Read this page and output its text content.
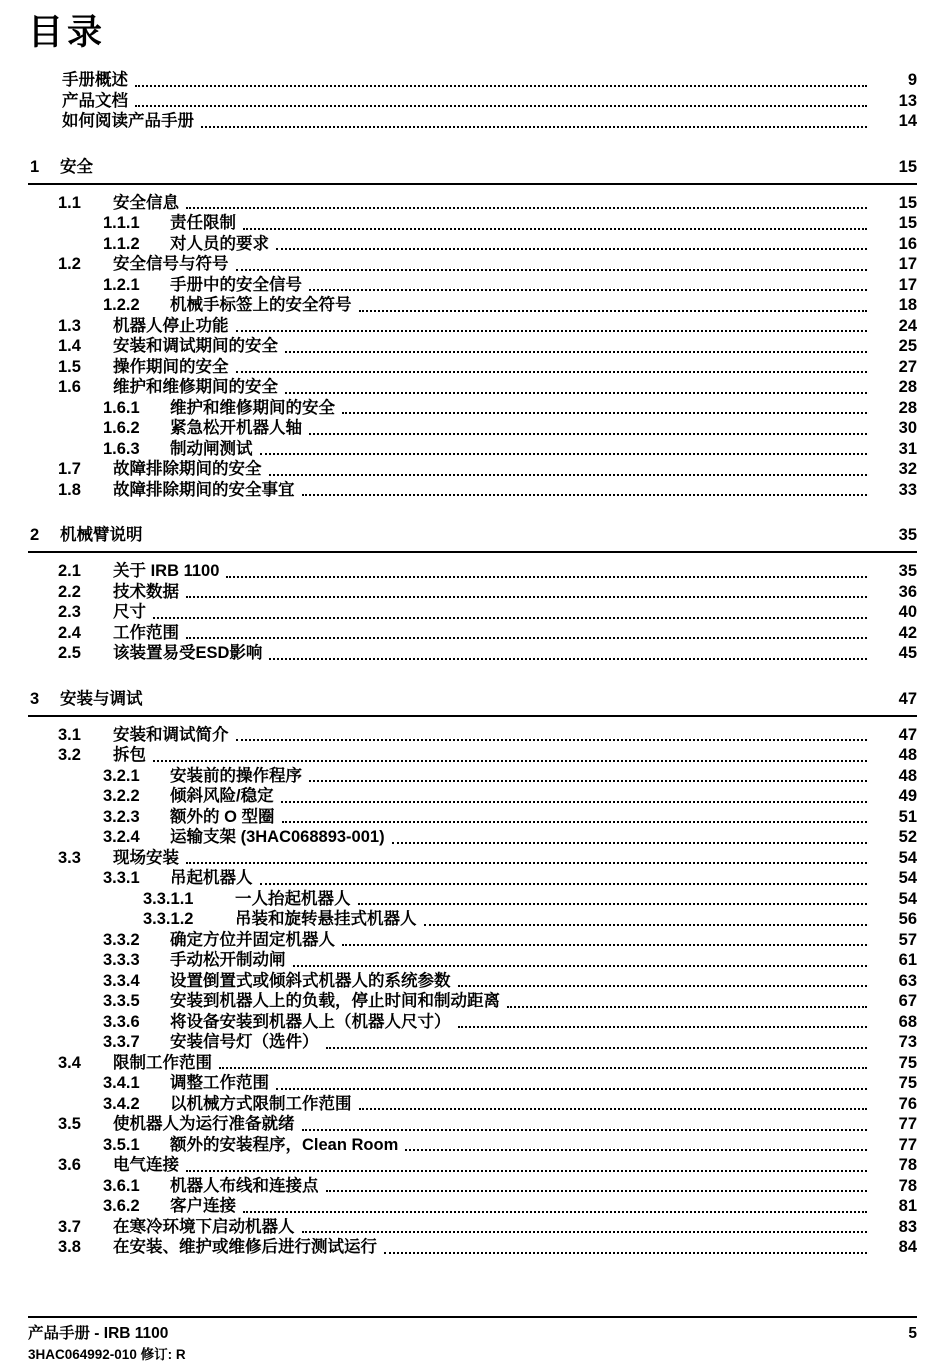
目录
手册概述	9
产品文档	13
如何阅读产品手册	14
1	安全	15
1.1	安全信息	15
1.1.1	责任限制	15
1.1.2	对人员的要求	16
1.2	安全信号与符号	17
1.2.1	手册中的安全信号	17
1.2.2	机械手标签上的安全符号	18
1.3	机器人停止功能	24
1.4	安装和调试期间的安全	25
1.5	操作期间的安全	27
1.6	维护和维修期间的安全	28
1.6.1	维护和维修期间的安全	28
1.6.2	紧急松开机器人轴	30
1.6.3	制动闸测试	31
1.7	故障排除期间的安全	32
1.8	故障排除期间的安全事宜	33
2	机械臂说明	35
2.1	关于 IRB 1100	35
2.2	技术数据	36
2.3	尺寸	40
2.4	工作范围	42
2.5	该装置易受ESD影响	45
3	安装与调试	47
3.1	安装和调试简介	47
3.2	拆包	48
3.2.1	安装前的操作程序	48
3.2.2	倾斜风险/稳定	49
3.2.3	额外的 O 型圈	51
3.2.4	运输支架 (3HAC068893-001)	52
3.3	现场安装	54
3.3.1	吊起机器人	54
3.3.1.1	一人抬起机器人	54
3.3.1.2	吊装和旋转悬挂式机器人	56
3.3.2	确定方位并固定机器人	57
3.3.3	手动松开制动闸	61
3.3.4	设置倒置式或倾斜式机器人的系统参数	63
3.3.5	安装到机器人上的负载，停止时间和制动距离	67
3.3.6	将设备安装到机器人上（机器人尺寸）	68
3.3.7	安装信号灯（选件）	73
3.4	限制工作范围	75
3.4.1	调整工作范围	75
3.4.2	以机械方式限制工作范围	76
3.5	使机器人为运行准备就绪	77
3.5.1	额外的安装程序，Clean Room	77
3.6	电气连接	78
3.6.1	机器人布线和连接点	78
3.6.2	客户连接	81
3.7	在寒冷环境下启动机器人	83
3.8	在安装、维护或维修后进行测试运行	84
产品手册 - IRB 1100	5
3HAC064992-010 修订: R
